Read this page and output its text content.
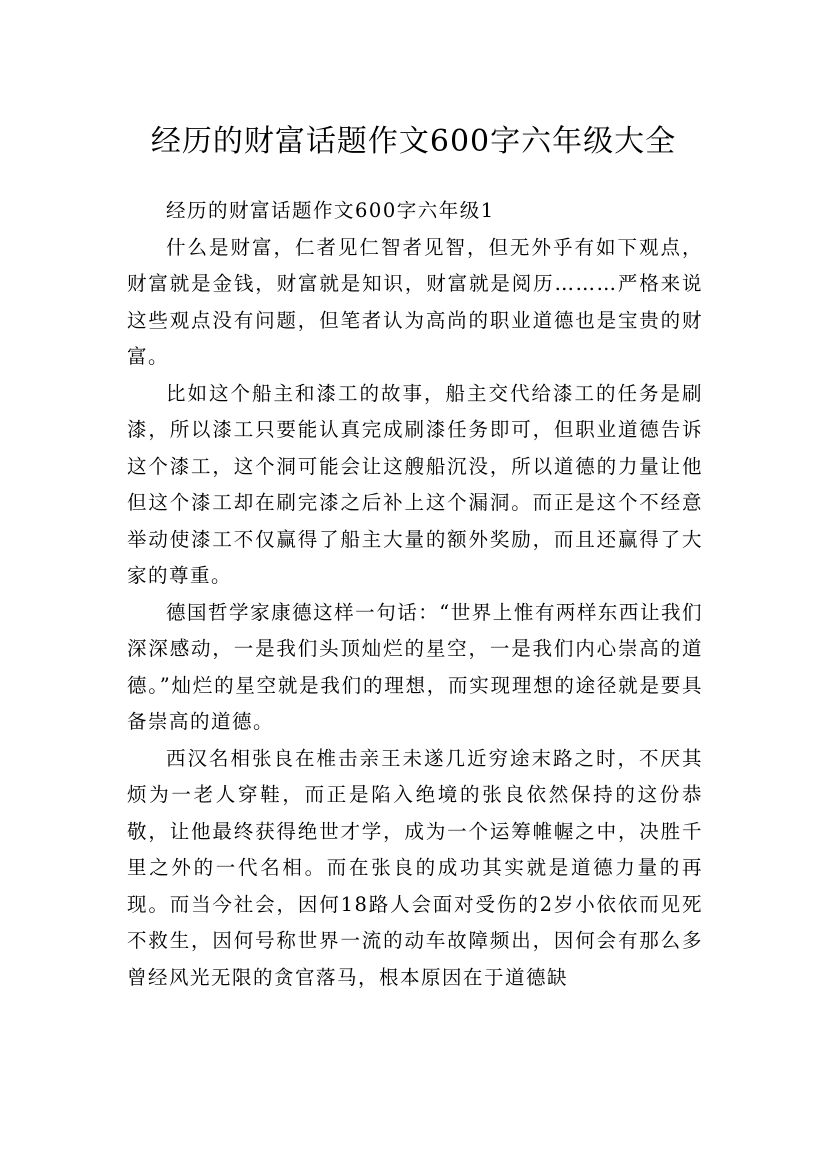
经历的财富话题作文600字六年级大全

经历的财富话题作文600字六年级1

什么是财富，仁者见仁智者见智，但无外乎有如下观点，财富就是金钱，财富就是知识，财富就是阅历………严格来说这些观点没有问题，但笔者认为高尚的职业道德也是宝贵的财富。

比如这个船主和漆工的故事，船主交代给漆工的任务是刷漆，所以漆工只要能认真完成刷漆任务即可，但职业道德告诉这个漆工，这个洞可能会让这艘船沉没，所以道德的力量让他但这个漆工却在刷完漆之后补上这个漏洞。而正是这个不经意举动使漆工不仅赢得了船主大量的额外奖励，而且还赢得了大家的尊重。

德国哲学家康德这样一句话：“世界上惟有两样东西让我们深深感动，一是我们头顶灿烂的星空，一是我们内心崇高的道德。”灿烂的星空就是我们的理想，而实现理想的途径就是要具备崇高的道德。

西汉名相张良在椎击亲王未遂几近穷途末路之时，不厌其烦为一老人穿鞋，而正是陷入绝境的张良依然保持的这份恭敬，让他最终获得绝世才学，成为一个运筹帷幄之中，决胜千里之外的一代名相。而在张良的成功其实就是道德力量的再现。而当今社会，因何18路人会面对受伤的2岁小依依而见死不救生，因何号称世界一流的动车故障频出，因何会有那么多曾经风光无限的贪官落马，根本原因在于道德缺
